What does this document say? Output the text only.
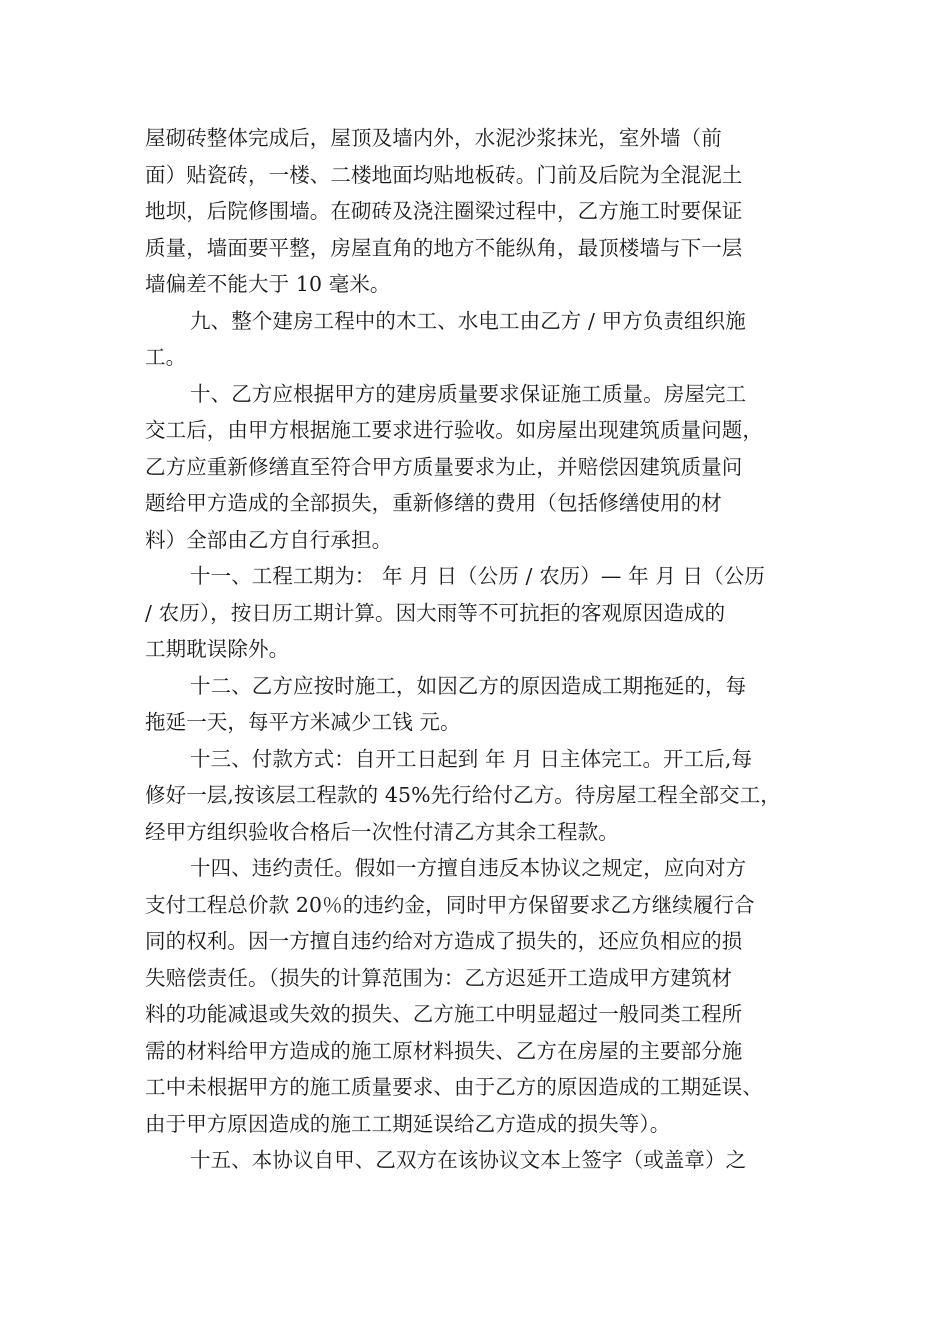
屋砌砖整体完成后，屋顶及墙内外，水泥沙浆抹光，室外墙（前
面）贴瓷砖，一楼、二楼地面均贴地板砖。门前及后院为全混泥土
地坝，后院修围墙。在砌砖及浇注圈梁过程中，乙方施工时要保证
质量，墙面要平整，房屋直角的地方不能纵角，最顶楼墙与下一层
墙偏差不能大于 10 毫米。
九、整个建房工程中的木工、水电工由乙方 / 甲方负责组织施
工。
十、乙方应根据甲方的建房质量要求保证施工质量。房屋完工
交工后，由甲方根据施工要求进行验收。如房屋出现建筑质量问题，
乙方应重新修缮直至符合甲方质量要求为止，并赔偿因建筑质量问
题给甲方造成的全部损失，重新修缮的费用（包括修缮使用的材
料）全部由乙方自行承担。
十一、工程工期为： 年 月 日（公历 / 农历）— 年 月 日（公历
/ 农历），按日历工期计算。因大雨等不可抗拒的客观原因造成的
工期耽误除外。
十二、乙方应按时施工，如因乙方的原因造成工期拖延的，每
拖延一天，每平方米减少工钱 元。
十三、付款方式：自开工日起到 年 月 日主体完工。开工后,每
修好一层,按该层工程款的 45%先行给付乙方。待房屋工程全部交工，
经甲方组织验收合格后一次性付清乙方其余工程款。
十四、违约责任。假如一方擅自违反本协议之规定，应向对方
支付工程总价款 20％的违约金，同时甲方保留要求乙方继续履行合
同的权利。因一方擅自违约给对方造成了损失的，还应负相应的损
失赔偿责任。（损失的计算范围为：乙方迟延开工造成甲方建筑材
料的功能减退或失效的损失、乙方施工中明显超过一般同类工程所
需的材料给甲方造成的施工原材料损失、乙方在房屋的主要部分施
工中未根据甲方的施工质量要求、由于乙方的原因造成的工期延误、
由于甲方原因造成的施工工期延误给乙方造成的损失等）。
十五、本协议自甲、乙双方在该协议文本上签字（或盖章）之
